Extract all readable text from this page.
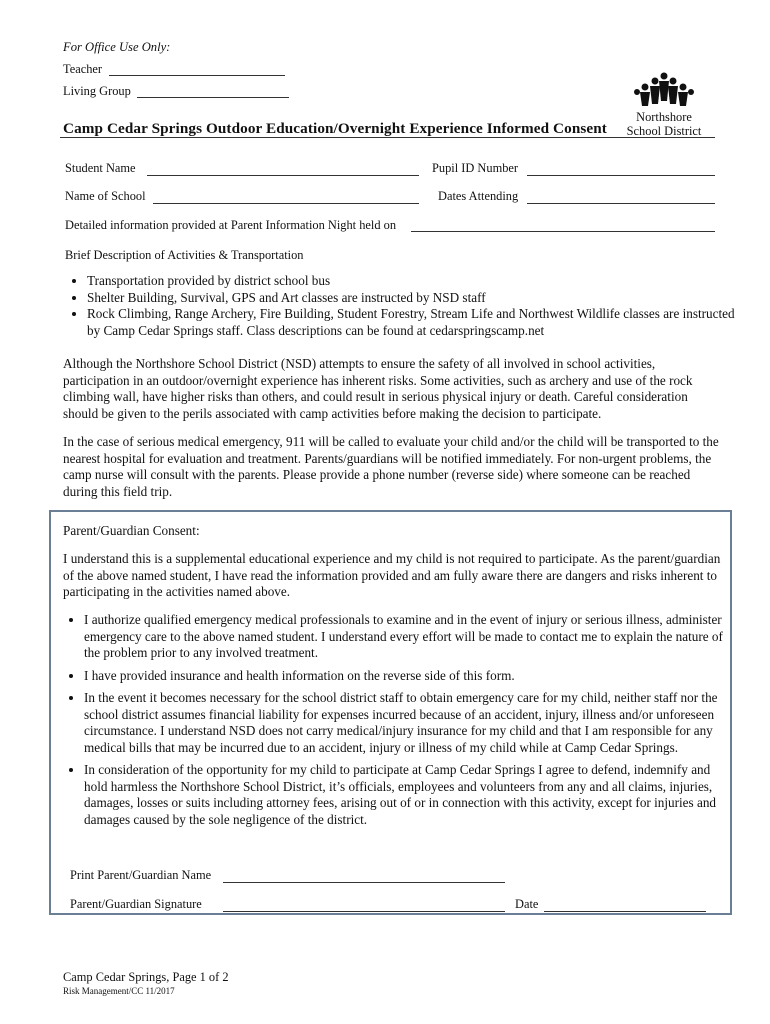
For Office Use Only:
Teacher
Living Group
Northshore
School District
Camp Cedar Springs Outdoor Education/Overnight Experience Informed Consent
Student Name	Pupil ID Number
Name of School	Dates Attending
Detailed information provided at Parent Information Night held on
Brief Description of Activities & Transportation
• Transportation provided by district school bus
• Shelter Building, Survival, GPS and Art classes are instructed by NSD staff
• Rock Climbing, Range Archery, Fire Building, Student Forestry, Stream Life and Northwest Wildlife classes are instructed by Camp Cedar Springs staff. Class descriptions can be found at cedarspringscamp.net

Although the Northshore School District (NSD) attempts to ensure the safety of all involved in school activities, participation in an outdoor/overnight experience has inherent risks. Some activities, such as archery and use of the rock climbing wall, have higher risks than others, and could result in serious physical injury or death. Careful consideration should be given to the perils associated with camp activities before making the decision to participate.

In the case of serious medical emergency, 911 will be called to evaluate your child and/or the child will be transported to the nearest hospital for evaluation and treatment. Parents/guardians will be notified immediately. For non-urgent problems, the camp nurse will consult with the parents. Please provide a phone number (reverse side) where someone can be reached during this field trip.

Parent/Guardian Consent:

I understand this is a supplemental educational experience and my child is not required to participate. As the parent/guardian of the above named student, I have read the information provided and am fully aware there are dangers and risks inherent to participating in the activities named above.

• I authorize qualified emergency medical professionals to examine and in the event of injury or serious illness, administer emergency care to the above named student. I understand every effort will be made to contact me to explain the nature of the problem prior to any involved treatment.
• I have provided insurance and health information on the reverse side of this form.
• In the event it becomes necessary for the school district staff to obtain emergency care for my child, neither staff nor the school district assumes financial liability for expenses incurred because of an accident, injury, illness and/or unforeseen circumstance. I understand NSD does not carry medical/injury insurance for my child and that I am responsible for any medical bills that may be incurred due to an accident, injury or illness of my child while at Camp Cedar Springs.
• In consideration of the opportunity for my child to participate at Camp Cedar Springs I agree to defend, indemnify and hold harmless the Northshore School District, it’s officials, employees and volunteers from any and all claims, injuries, damages, losses or suits including attorney fees, arising out of or in connection with this activity, except for injuries and damages caused by the sole negligence of the district.
Print Parent/Guardian Name
Parent/Guardian Signature	Date
Camp Cedar Springs, Page 1 of 2
Risk Management/CC 11/2017
